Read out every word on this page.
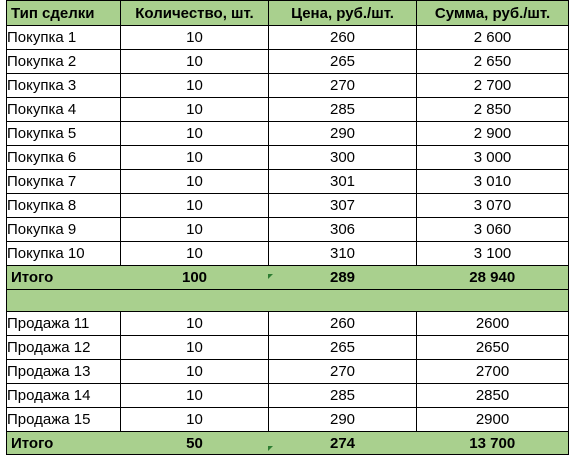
Тип сделки	Количество, шт.	Цена, руб./шт.	Сумма, руб./шт.
Покупка 1	10	260	2 600
Покупка 2	10	265	2 650
Покупка 3	10	270	2 700
Покупка 4	10	285	2 850
Покупка 5	10	290	2 900
Покупка 6	10	300	3 000
Покупка 7	10	301	3 010
Покупка 8	10	307	3 070
Покупка 9	10	306	3 060
Покупка 10	10	310	3 100
Итого	100	289	28 940

Продажа 11	10	260	2600
Продажа 12	10	265	2650
Продажа 13	10	270	2700
Продажа 14	10	285	2850
Продажа 15	10	290	2900
Итого	50	274	13 700
